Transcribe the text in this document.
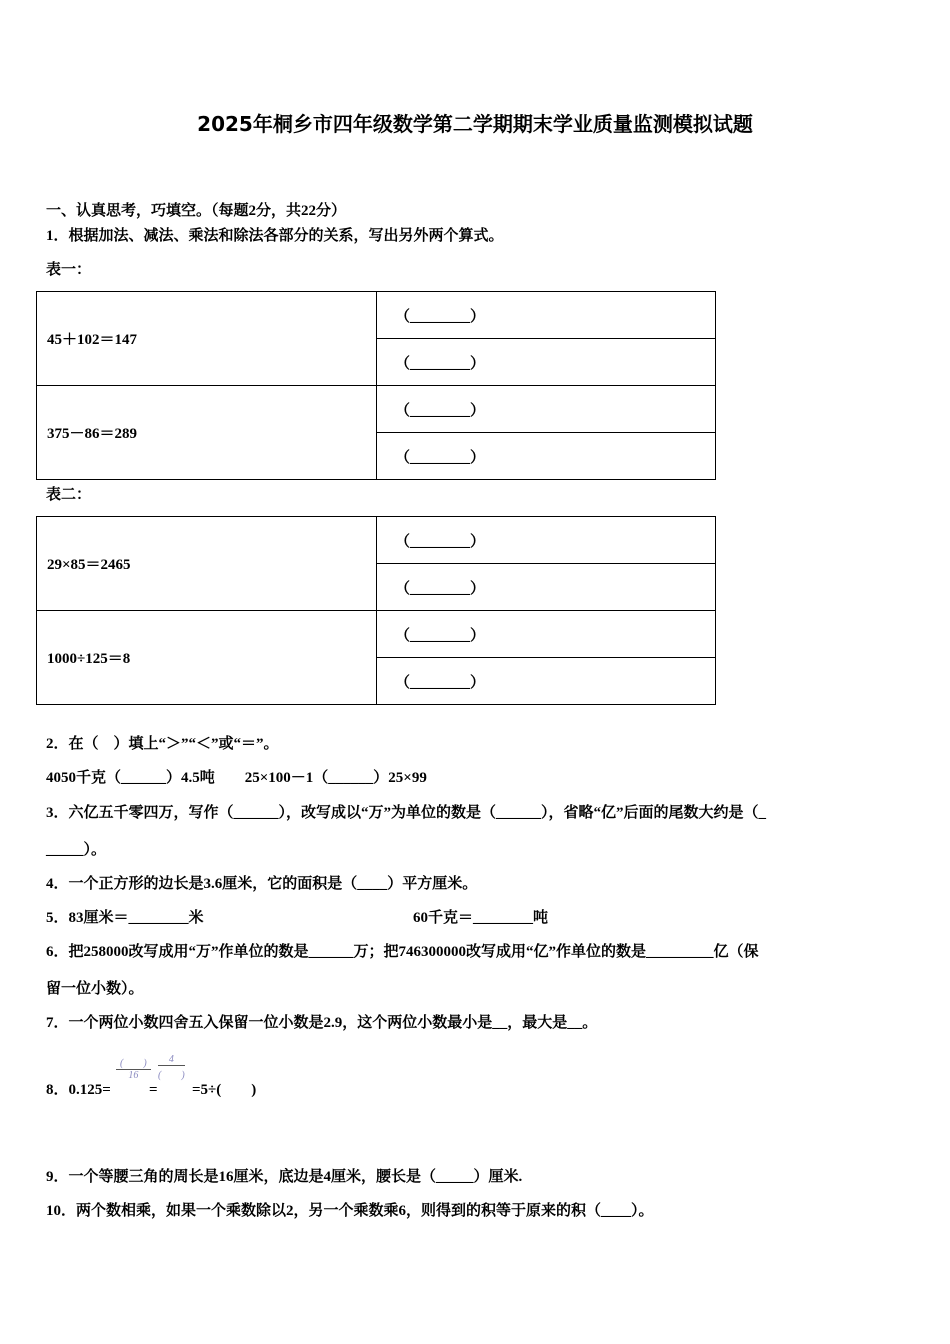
2025年桐乡市四年级数学第二学期期末学业质量监测模拟试题
一、认真思考，巧填空。（每题2分，共22分）
1．根据加法、减法、乘法和除法各部分的关系，写出另外两个算式。
表一：
45＋102＝147	（________）
	（________）
375－86＝289	（________）
	（________）
表二：
29×85＝2465	（________）
	（________）
1000÷125＝8	（________）
	（________）
2．在（　）填上“＞”“＜”或“＝”。
4050千克（______）4.5吨　　25×100－1（______）25×99
3．六亿五千零四万，写作（______），改写成以“万”为单位的数是（______），省略“亿”后面的尾数大约是（_
_____）。
4．一个正方形的边长是3.6厘米，它的面积是（____）平方厘米。
5．83厘米＝________米	60千克＝________吨
6．把258000改写成用“万”作单位的数是______万；把746300000改写成用“亿”作单位的数是_________亿（保
留一位小数）。
7．一个两位小数四舍五入保留一位小数是2.9，这个两位小数最小是__，最大是__。
8．0.125=
(　　)
16
=
4
(　　)
=5÷(　　)
9．一个等腰三角的周长是16厘米，底边是4厘米，腰长是（_____）厘米.
10．两个数相乘，如果一个乘数除以2，另一个乘数乘6，则得到的积等于原来的积（____）。
